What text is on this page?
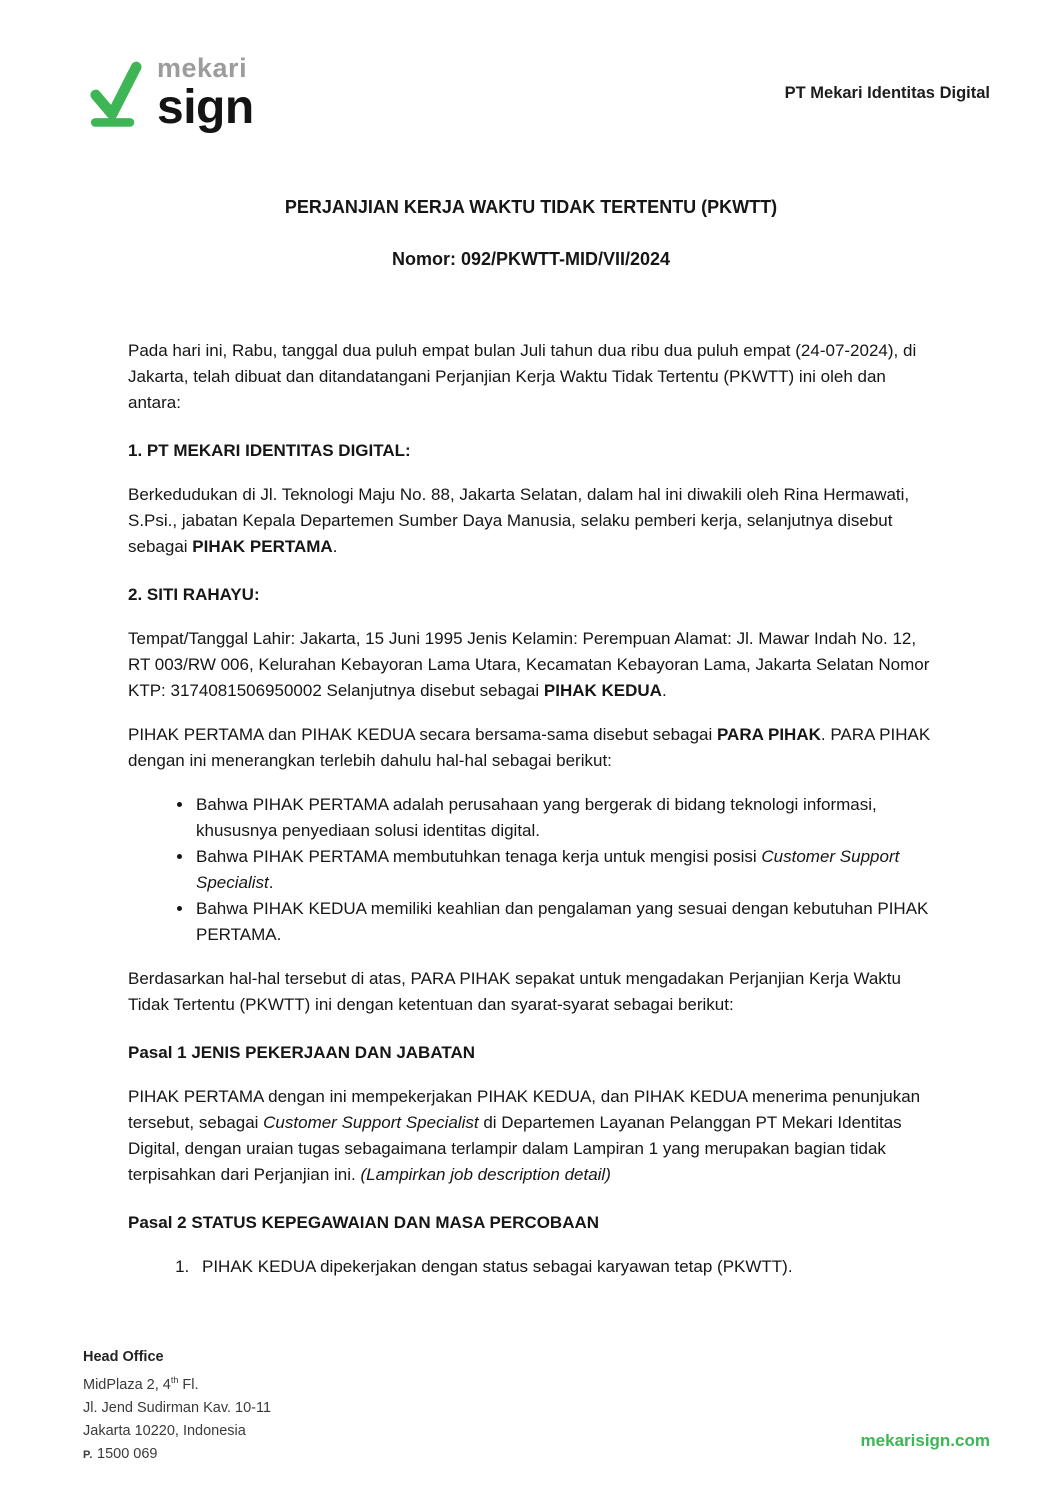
mekari
sign	PT Mekari Identitas Digital
PERJANJIAN KERJA WAKTU TIDAK TERTENTU (PKWTT)
Nomor: 092/PKWTT-MID/VII/2024

Pada hari ini, Rabu, tanggal dua puluh empat bulan Juli tahun dua ribu dua puluh empat (24-07-2024), di Jakarta, telah dibuat dan ditandatangani Perjanjian Kerja Waktu Tidak Tertentu (PKWTT) ini oleh dan antara:

1. PT MEKARI IDENTITAS DIGITAL:

Berkedudukan di Jl. Teknologi Maju No. 88, Jakarta Selatan, dalam hal ini diwakili oleh Rina Hermawati, S.Psi., jabatan Kepala Departemen Sumber Daya Manusia, selaku pemberi kerja, selanjutnya disebut sebagai PIHAK PERTAMA.

2. SITI RAHAYU:

Tempat/Tanggal Lahir: Jakarta, 15 Juni 1995 Jenis Kelamin: Perempuan Alamat: Jl. Mawar Indah No. 12, RT 003/RW 006, Kelurahan Kebayoran Lama Utara, Kecamatan Kebayoran Lama, Jakarta Selatan Nomor KTP: 3174081506950002 Selanjutnya disebut sebagai PIHAK KEDUA.

PIHAK PERTAMA dan PIHAK KEDUA secara bersama-sama disebut sebagai PARA PIHAK. PARA PIHAK dengan ini menerangkan terlebih dahulu hal-hal sebagai berikut:

• Bahwa PIHAK PERTAMA adalah perusahaan yang bergerak di bidang teknologi informasi, khususnya penyediaan solusi identitas digital.
• Bahwa PIHAK PERTAMA membutuhkan tenaga kerja untuk mengisi posisi Customer Support Specialist.
• Bahwa PIHAK KEDUA memiliki keahlian dan pengalaman yang sesuai dengan kebutuhan PIHAK PERTAMA.

Berdasarkan hal-hal tersebut di atas, PARA PIHAK sepakat untuk mengadakan Perjanjian Kerja Waktu Tidak Tertentu (PKWTT) ini dengan ketentuan dan syarat-syarat sebagai berikut:

Pasal 1 JENIS PEKERJAAN DAN JABATAN

PIHAK PERTAMA dengan ini mempekerjakan PIHAK KEDUA, dan PIHAK KEDUA menerima penunjukan tersebut, sebagai Customer Support Specialist di Departemen Layanan Pelanggan PT Mekari Identitas Digital, dengan uraian tugas sebagaimana terlampir dalam Lampiran 1 yang merupakan bagian tidak terpisahkan dari Perjanjian ini. (Lampirkan job description detail)

Pasal 2 STATUS KEPEGAWAIAN DAN MASA PERCOBAAN

1. PIHAK KEDUA dipekerjakan dengan status sebagai karyawan tetap (PKWTT).
Head Office
MidPlaza 2, 4th Fl.
Jl. Jend Sudirman Kav. 10-11
Jakarta 10220, Indonesia
P. 1500 069
mekarisign.com
